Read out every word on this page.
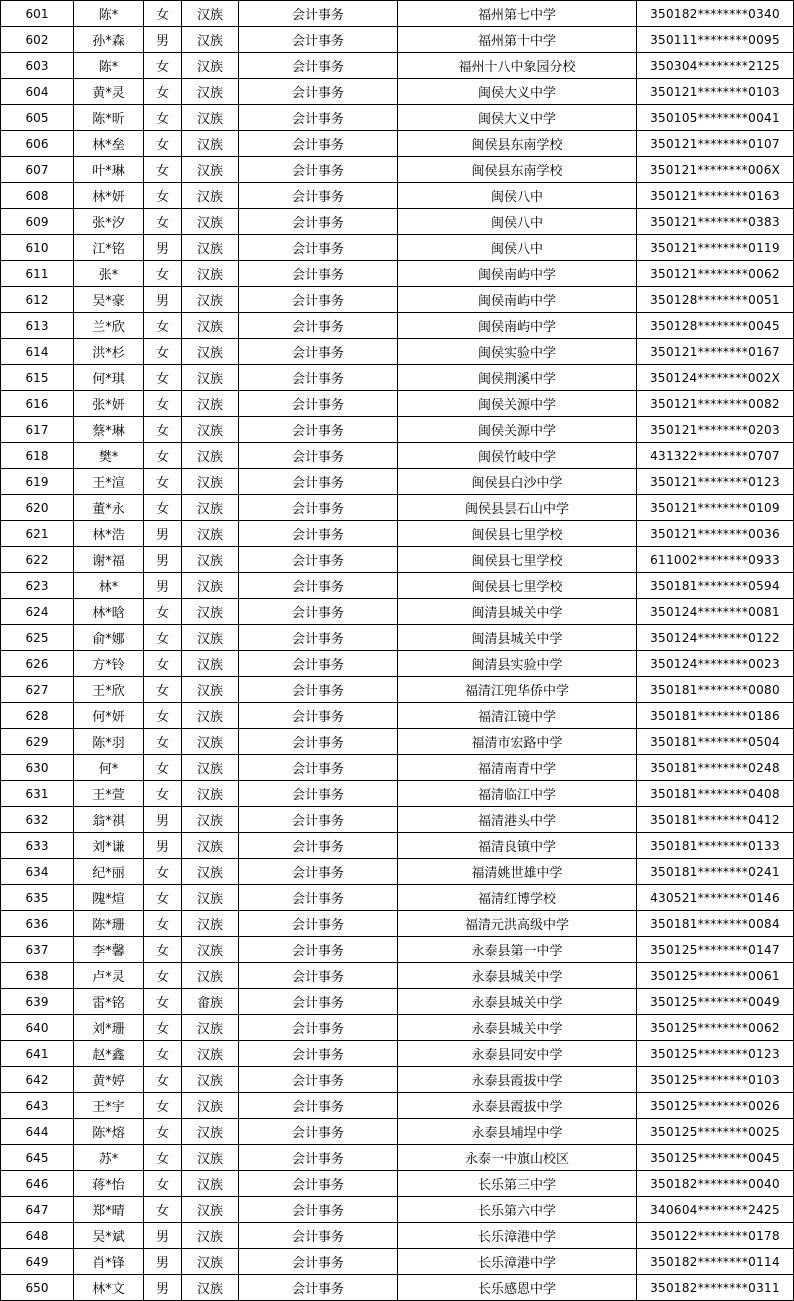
601	陈*	女	汉族	会计事务	福州第七中学	350182********0340
602	孙*森	男	汉族	会计事务	福州第十中学	350111********0095
603	陈*	女	汉族	会计事务	福州十八中象园分校	350304********2125
604	黄*灵	女	汉族	会计事务	闽侯大义中学	350121********0103
605	陈*昕	女	汉族	会计事务	闽侯大义中学	350105********0041
606	林*垒	女	汉族	会计事务	闽侯县东南学校	350121********0107
607	叶*琳	女	汉族	会计事务	闽侯县东南学校	350121********006X
608	林*妍	女	汉族	会计事务	闽侯八中	350121********0163
609	张*汐	女	汉族	会计事务	闽侯八中	350121********0383
610	江*铭	男	汉族	会计事务	闽侯八中	350121********0119
611	张*	女	汉族	会计事务	闽侯南屿中学	350121********0062
612	吴*豪	男	汉族	会计事务	闽侯南屿中学	350128********0051
613	兰*欣	女	汉族	会计事务	闽侯南屿中学	350128********0045
614	洪*杉	女	汉族	会计事务	闽侯实验中学	350121********0167
615	何*琪	女	汉族	会计事务	闽侯荆溪中学	350124********002X
616	张*妍	女	汉族	会计事务	闽侯关源中学	350121********0082
617	蔡*琳	女	汉族	会计事务	闽侯关源中学	350121********0203
618	樊*	女	汉族	会计事务	闽侯竹岐中学	431322********0707
619	王*渲	女	汉族	会计事务	闽侯县白沙中学	350121********0123
620	董*永	女	汉族	会计事务	闽侯县昙石山中学	350121********0109
621	林*浩	男	汉族	会计事务	闽侯县七里学校	350121********0036
622	谢*福	男	汉族	会计事务	闽侯县七里学校	611002********0933
623	林*	男	汉族	会计事务	闽侯县七里学校	350181********0594
624	林*晗	女	汉族	会计事务	闽清县城关中学	350124********0081
625	俞*娜	女	汉族	会计事务	闽清县城关中学	350124********0122
626	方*铃	女	汉族	会计事务	闽清县实验中学	350124********0023
627	王*欣	女	汉族	会计事务	福清江兜华侨中学	350181********0080
628	何*妍	女	汉族	会计事务	福清江镜中学	350181********0186
629	陈*羽	女	汉族	会计事务	福清市宏路中学	350181********0504
630	何*	女	汉族	会计事务	福清南青中学	350181********0248
631	王*萱	女	汉族	会计事务	福清临江中学	350181********0408
632	翁*祺	男	汉族	会计事务	福清港头中学	350181********0412
633	刘*谦	男	汉族	会计事务	福清良镇中学	350181********0133
634	纪*丽	女	汉族	会计事务	福清姚世雄中学	350181********0241
635	隗*煊	女	汉族	会计事务	福清红博学校	430521********0146
636	陈*珊	女	汉族	会计事务	福清元洪高级中学	350181********0084
637	李*馨	女	汉族	会计事务	永泰县第一中学	350125********0147
638	卢*灵	女	汉族	会计事务	永泰县城关中学	350125********0061
639	雷*铭	女	畲族	会计事务	永泰县城关中学	350125********0049
640	刘*珊	女	汉族	会计事务	永泰县城关中学	350125********0062
641	赵*鑫	女	汉族	会计事务	永泰县同安中学	350125********0123
642	黄*婷	女	汉族	会计事务	永泰县霞拔中学	350125********0103
643	王*宇	女	汉族	会计事务	永泰县霞拔中学	350125********0026
644	陈*熔	女	汉族	会计事务	永泰县埔埕中学	350125********0025
645	苏*	女	汉族	会计事务	永泰一中旗山校区	350125********0045
646	蒋*怡	女	汉族	会计事务	长乐第三中学	350182********0040
647	郑*晴	女	汉族	会计事务	长乐第六中学	340604********2425
648	吴*斌	男	汉族	会计事务	长乐漳港中学	350122********0178
649	肖*锋	男	汉族	会计事务	长乐漳港中学	350182********0114
650	林*文	男	汉族	会计事务	长乐感恩中学	350182********0311
